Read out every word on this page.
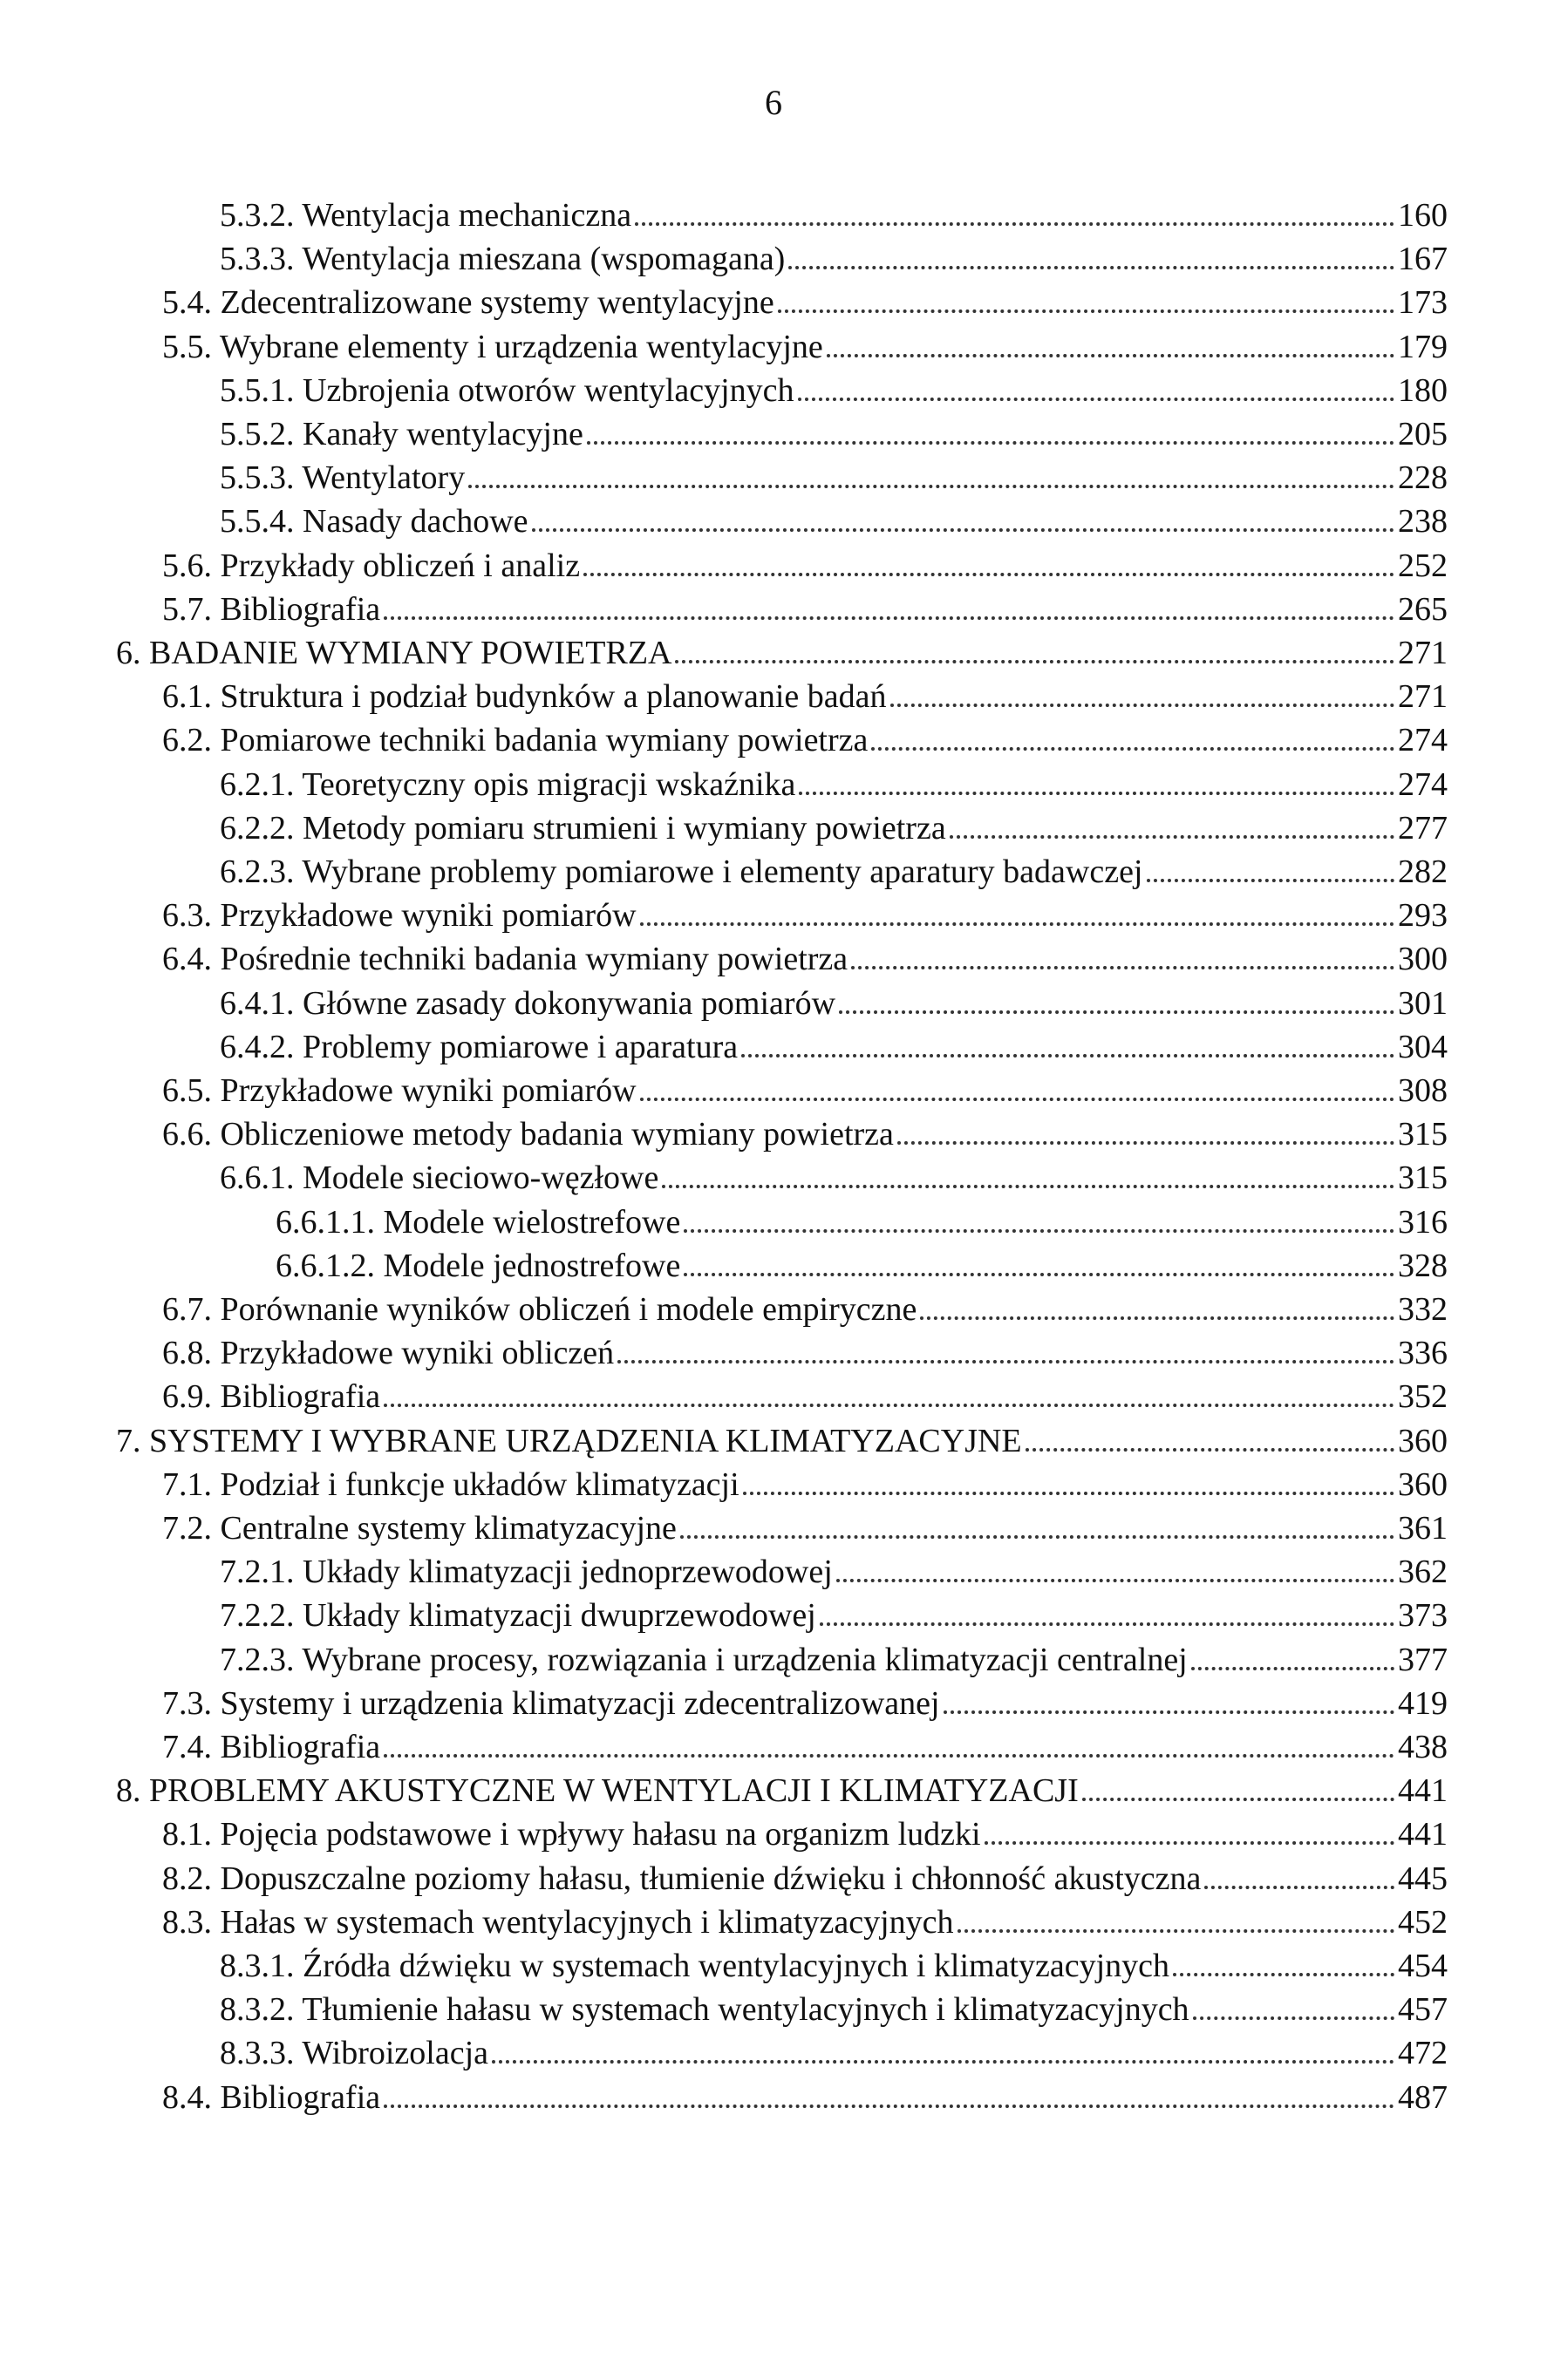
6
5.3.2. Wentylacja mechaniczna	160
5.3.3. Wentylacja mieszana (wspomagana)	167
5.4. Zdecentralizowane systemy wentylacyjne	173
5.5. Wybrane elementy i urządzenia wentylacyjne	179
5.5.1. Uzbrojenia otworów wentylacyjnych	180
5.5.2. Kanały wentylacyjne	205
5.5.3. Wentylatory	228
5.5.4. Nasady dachowe	238
5.6. Przykłady obliczeń i analiz	252
5.7. Bibliografia	265
6. BADANIE WYMIANY POWIETRZA	271
6.1. Struktura i podział budynków a planowanie badań	271
6.2. Pomiarowe techniki badania wymiany powietrza	274
6.2.1. Teoretyczny opis migracji wskaźnika	274
6.2.2. Metody pomiaru strumieni i wymiany powietrza	277
6.2.3. Wybrane problemy pomiarowe i elementy aparatury badawczej	282
6.3. Przykładowe wyniki pomiarów	293
6.4. Pośrednie techniki badania wymiany powietrza	300
6.4.1. Główne zasady dokonywania pomiarów	301
6.4.2. Problemy pomiarowe i aparatura	304
6.5. Przykładowe wyniki pomiarów	308
6.6. Obliczeniowe metody badania wymiany powietrza	315
6.6.1. Modele sieciowo-węzłowe	315
6.6.1.1. Modele wielostrefowe	316
6.6.1.2. Modele jednostrefowe	328
6.7. Porównanie wyników obliczeń i modele empiryczne	332
6.8. Przykładowe wyniki obliczeń	336
6.9. Bibliografia	352
7. SYSTEMY I WYBRANE URZĄDZENIA KLIMATYZACYJNE	360
7.1. Podział i funkcje układów klimatyzacji	360
7.2. Centralne systemy klimatyzacyjne	361
7.2.1. Układy klimatyzacji jednoprzewodowej	362
7.2.2. Układy klimatyzacji dwuprzewodowej	373
7.2.3. Wybrane procesy, rozwiązania i urządzenia klimatyzacji centralnej	377
7.3. Systemy i urządzenia klimatyzacji zdecentralizowanej	419
7.4. Bibliografia	438
8. PROBLEMY AKUSTYCZNE W WENTYLACJI I KLIMATYZACJI	441
8.1. Pojęcia podstawowe i wpływy hałasu na organizm ludzki	441
8.2. Dopuszczalne poziomy hałasu, tłumienie dźwięku i chłonność akustyczna	445
8.3. Hałas w systemach wentylacyjnych i klimatyzacyjnych	452
8.3.1. Źródła dźwięku w systemach wentylacyjnych i klimatyzacyjnych	454
8.3.2. Tłumienie hałasu w systemach wentylacyjnych i klimatyzacyjnych	457
8.3.3. Wibroizolacja	472
8.4. Bibliografia	487
